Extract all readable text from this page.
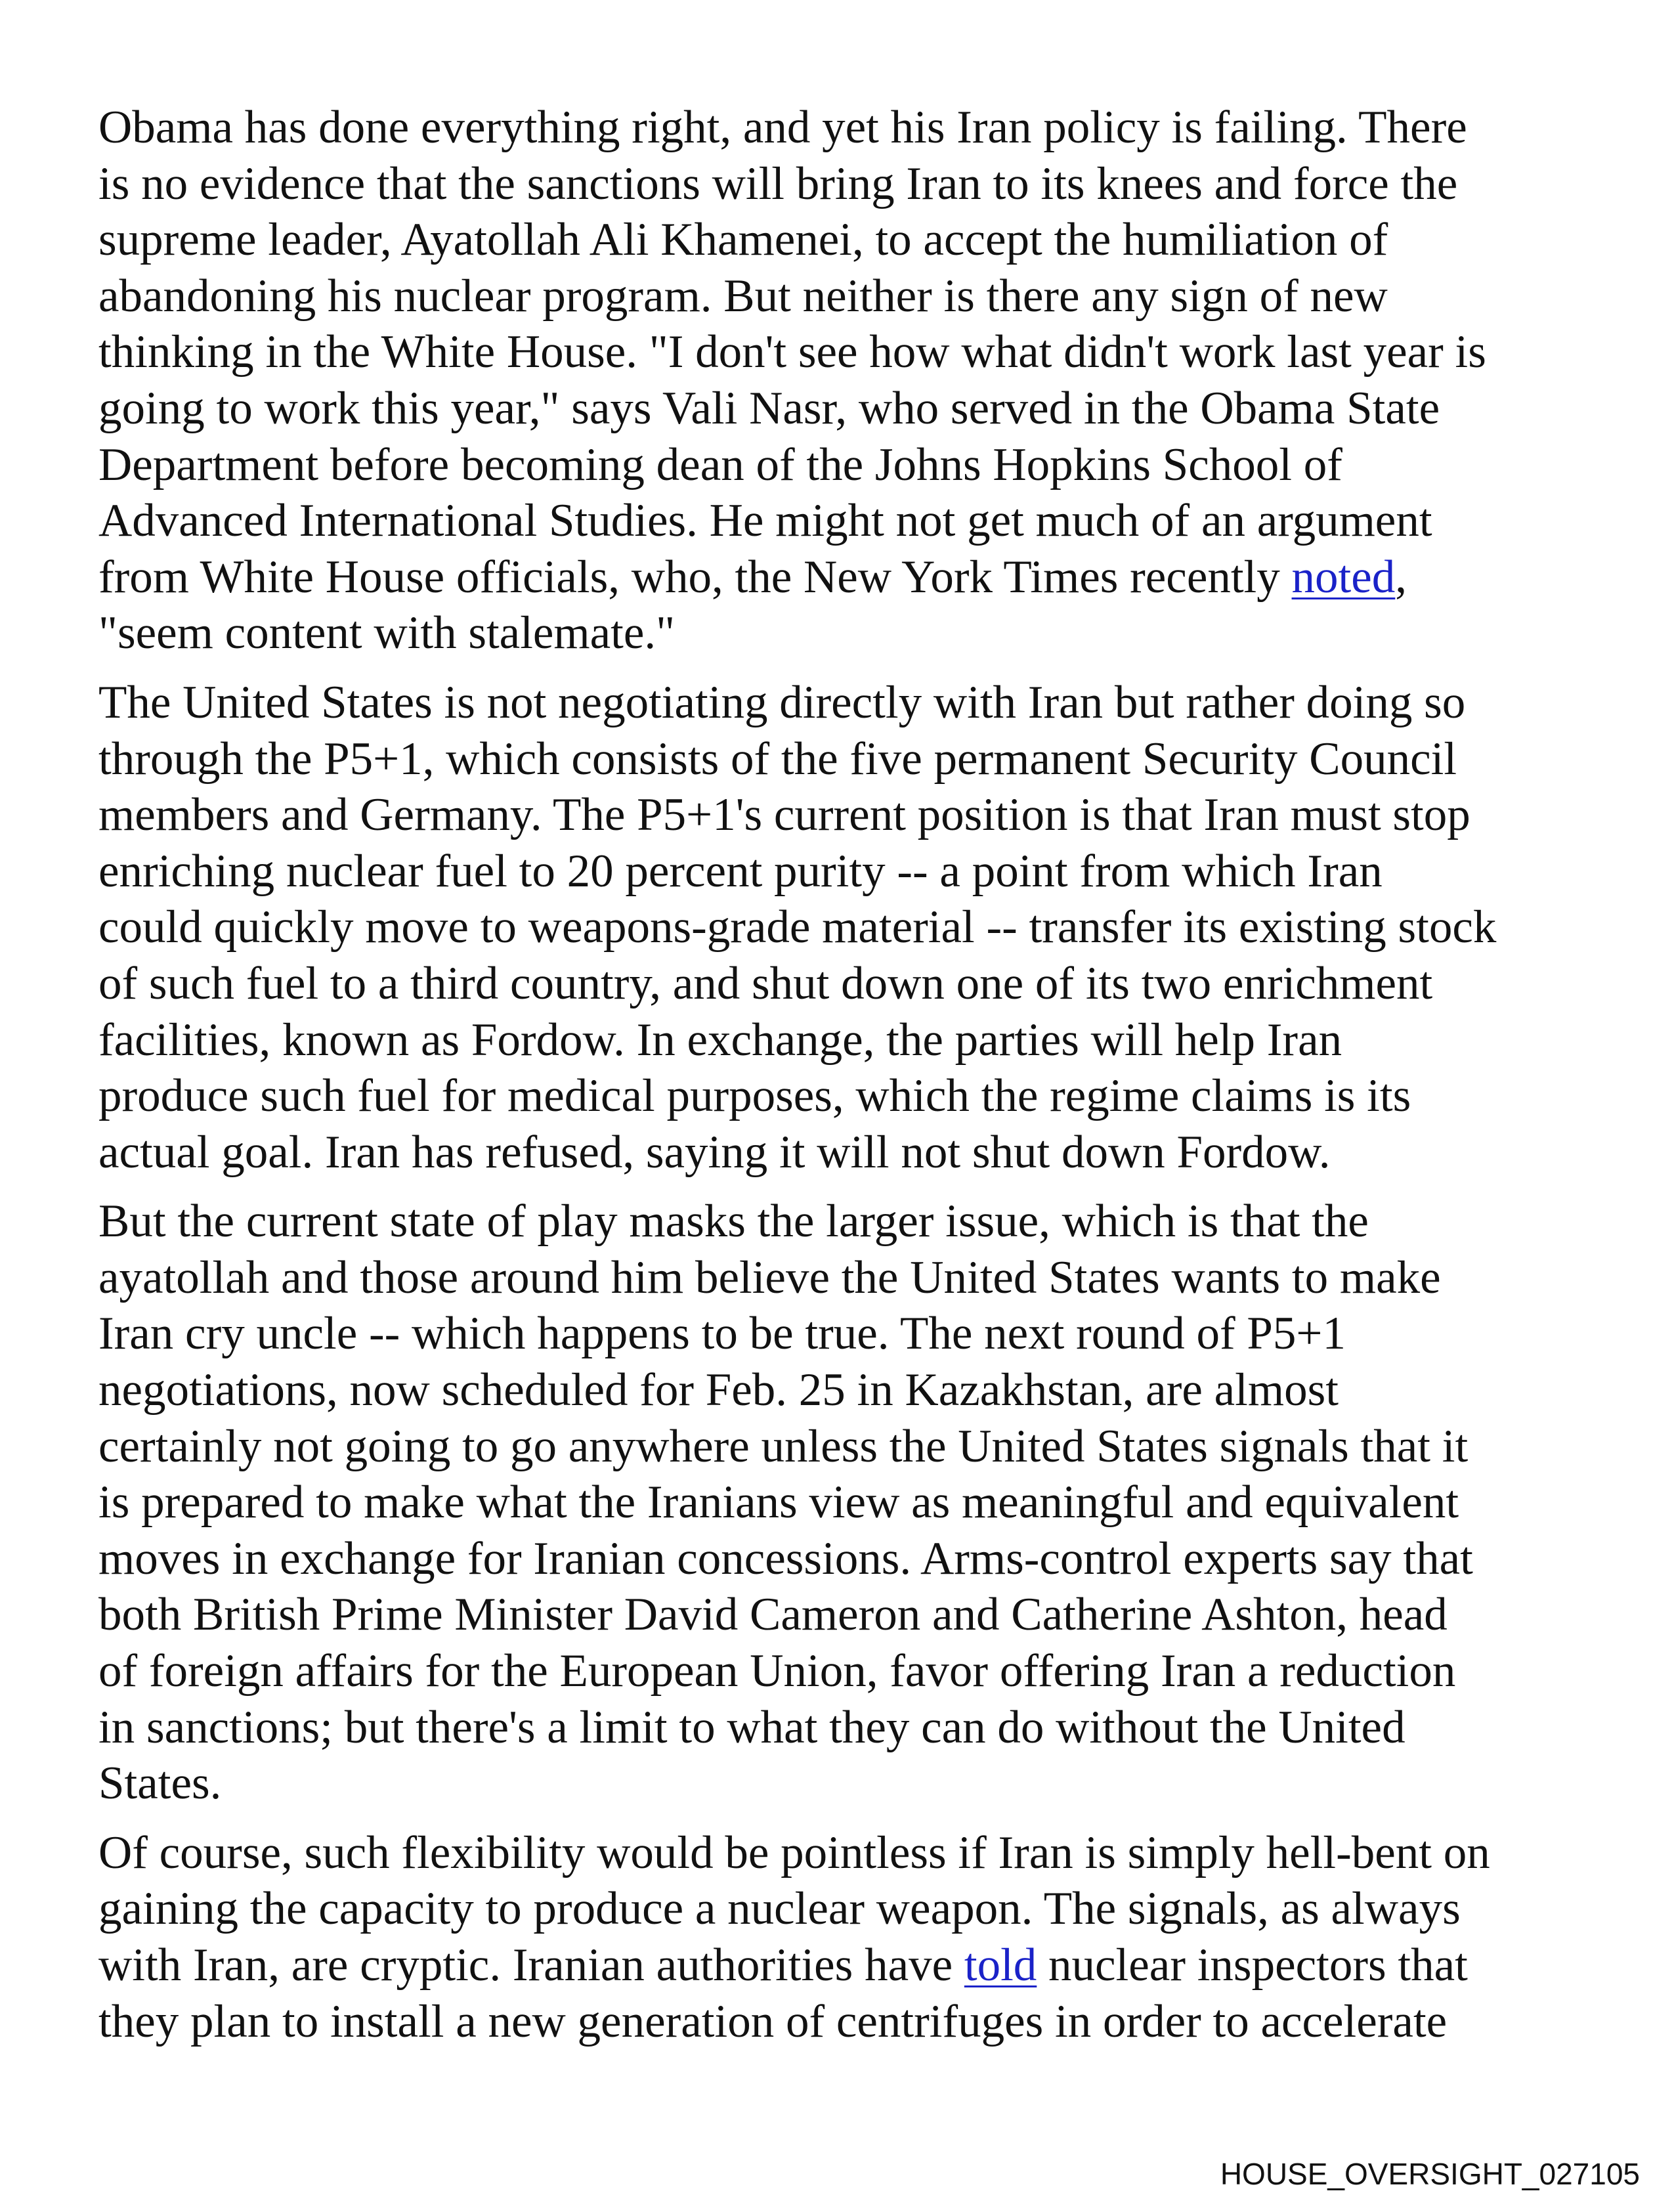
Obama has done everything right, and yet his Iran policy is failing. There
is no evidence that the sanctions will bring Iran to its knees and force the
supreme leader, Ayatollah Ali Khamenei, to accept the humiliation of
abandoning his nuclear program. But neither is there any sign of new
thinking in the White House. "I don't see how what didn't work last year is
going to work this year," says Vali Nasr, who served in the Obama State
Department before becoming dean of the Johns Hopkins School of
Advanced International Studies. He might not get much of an argument
from White House officials, who, the New York Times recently noted,
"seem content with stalemate."

The United States is not negotiating directly with Iran but rather doing so
through the P5+1, which consists of the five permanent Security Council
members and Germany. The P5+1's current position is that Iran must stop
enriching nuclear fuel to 20 percent purity -- a point from which Iran
could quickly move to weapons-grade material -- transfer its existing stock
of such fuel to a third country, and shut down one of its two enrichment
facilities, known as Fordow. In exchange, the parties will help Iran
produce such fuel for medical purposes, which the regime claims is its
actual goal. Iran has refused, saying it will not shut down Fordow.

But the current state of play masks the larger issue, which is that the
ayatollah and those around him believe the United States wants to make
Iran cry uncle -- which happens to be true. The next round of P5+1
negotiations, now scheduled for Feb. 25 in Kazakhstan, are almost
certainly not going to go anywhere unless the United States signals that it
is prepared to make what the Iranians view as meaningful and equivalent
moves in exchange for Iranian concessions. Arms-control experts say that
both British Prime Minister David Cameron and Catherine Ashton, head
of foreign affairs for the European Union, favor offering Iran a reduction
in sanctions; but there's a limit to what they can do without the United
States.

Of course, such flexibility would be pointless if Iran is simply hell-bent on
gaining the capacity to produce a nuclear weapon. The signals, as always
with Iran, are cryptic. Iranian authorities have told nuclear inspectors that
they plan to install a new generation of centrifuges in order to accelerate

HOUSE_OVERSIGHT_027105
